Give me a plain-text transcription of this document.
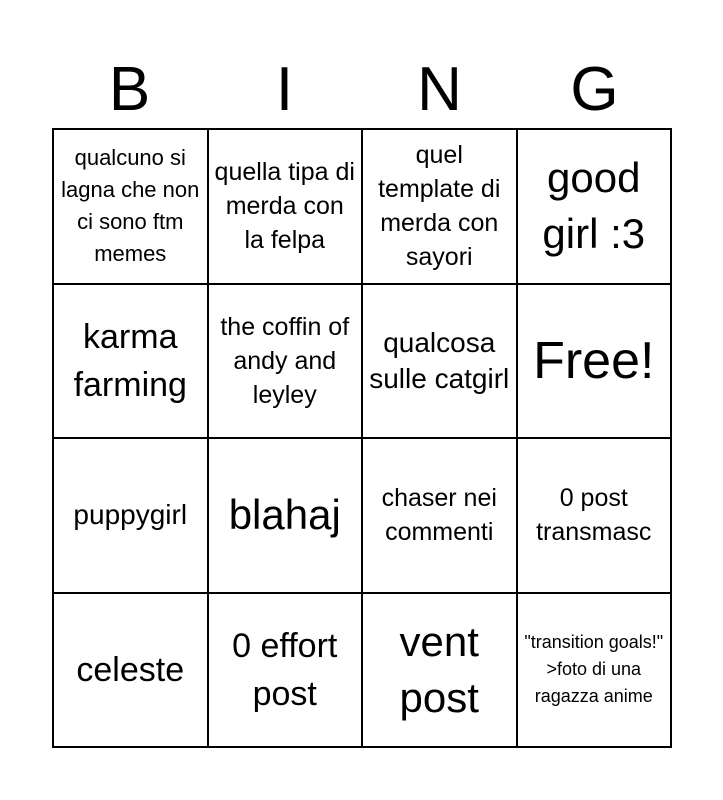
B	I	N	G
qualcuno si lagna che non ci sono ftm memes
quella tipa di merda con la felpa
quel template di merda con sayori
good girl :3
karma farming
the coffin of andy and leyley
qualcosa sulle catgirl Free!
puppygirl blahaj	chaser nei commenti
0 post transmasc
celeste
0 effort post
vent post
"transition goals!" >foto di una ragazza anime
